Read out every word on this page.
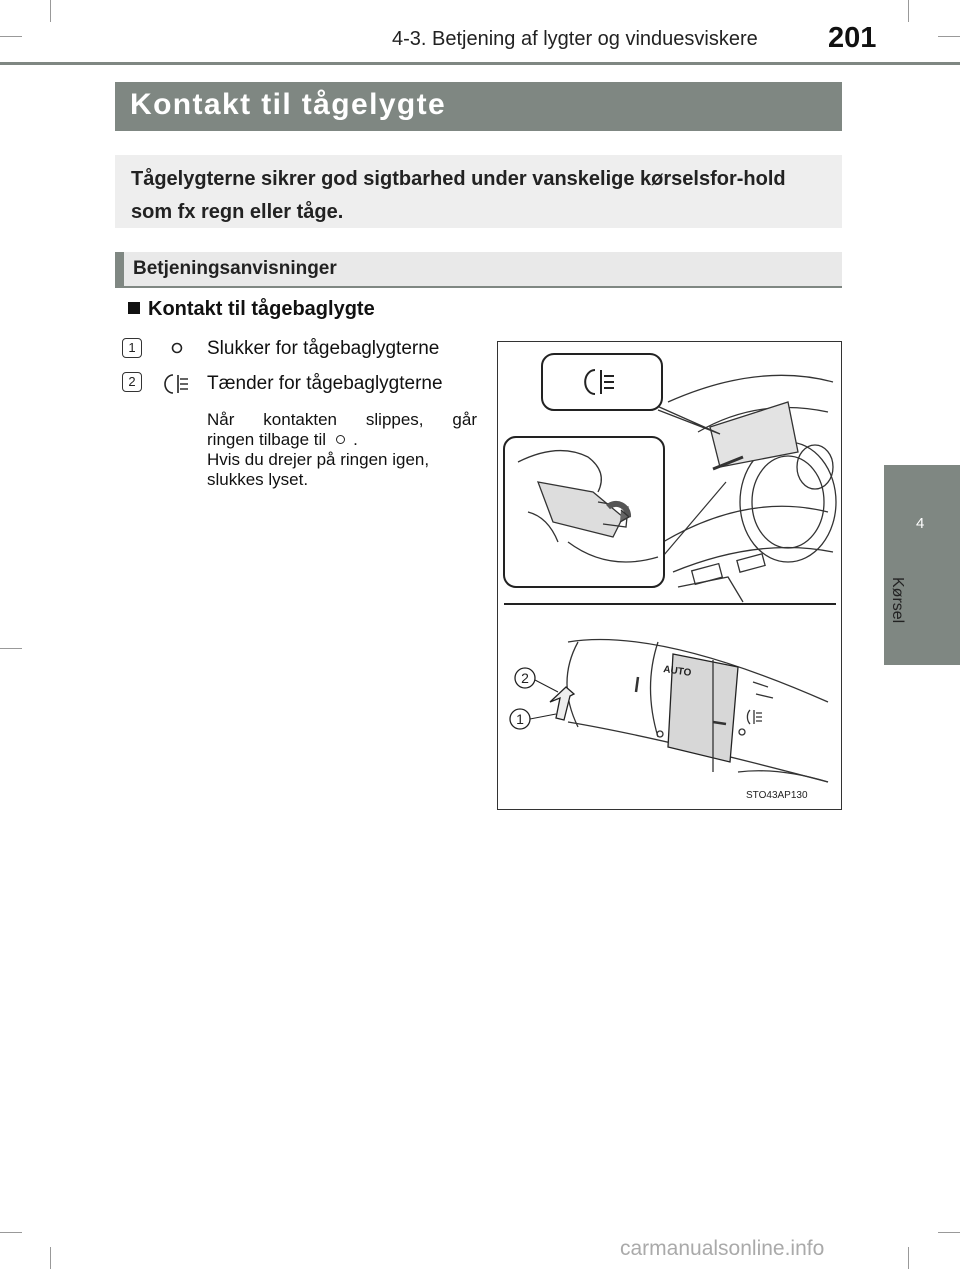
4-3. Betjening af lygter og vinduesviskere 201
Kontakt til tågelygte

Tågelygterne sikrer god sigtbarhed under vanskelige kørselsfor-hold som fx regn eller tåge.

Betjeningsanvisninger
Kontakt til tågebaglygte
1	Slukker for tågebaglygterne
2	Tænder for tågebaglygterne
Når kontakten slippes, går
ringen tilbage til .
Hvis du drejer på ringen igen,
slukkes lyset.
AUTO
2
1
STO43AP130
4
Kørsel
carmanualsonline.info
